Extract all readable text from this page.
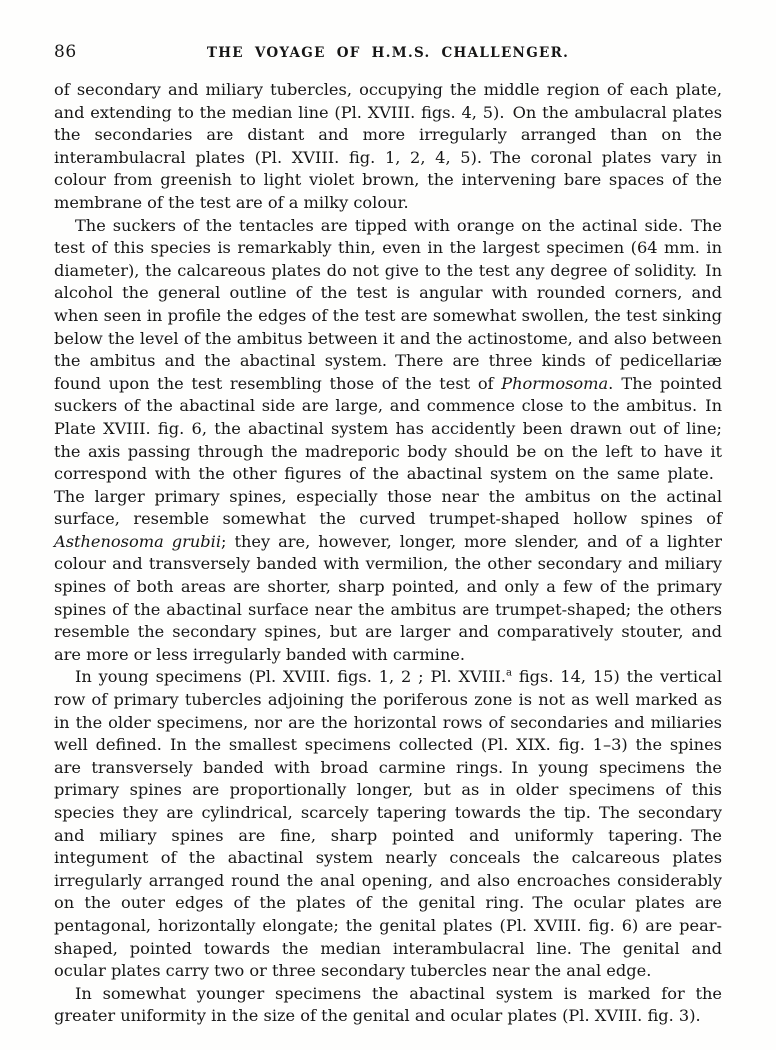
86	THE VOYAGE OF H.M.S. CHALLENGER.

of secondary and miliary tubercles, occupying the middle region of each plate, and extending to the median line (Pl. XVIII. figs. 4, 5). On the ambulacral plates the secondaries are distant and more irregularly arranged than on the interambulacral plates (Pl. XVIII. fig. 1, 2, 4, 5). The coronal plates vary in colour from greenish to light violet brown, the intervening bare spaces of the membrane of the test are of a milky colour.

The suckers of the tentacles are tipped with orange on the actinal side. The test of this species is remarkably thin, even in the largest specimen (64 mm. in diameter), the calcareous plates do not give to the test any degree of solidity. In alcohol the general outline of the test is angular with rounded corners, and when seen in profile the edges of the test are somewhat swollen, the test sinking below the level of the ambitus between it and the actinostome, and also between the ambitus and the abactinal system. There are three kinds of pedicellariæ found upon the test resembling those of the test of Phormosoma. The pointed suckers of the abactinal side are large, and commence close to the ambitus. In Plate XVIII. fig. 6, the abactinal system has accidently been drawn out of line; the axis passing through the madreporic body should be on the left to have it correspond with the other figures of the abactinal system on the same plate. The larger primary spines, especially those near the ambitus on the actinal surface, resemble somewhat the curved trumpet-shaped hollow spines of Asthenosoma grubii; they are, however, longer, more slender, and of a lighter colour and transversely banded with vermilion, the other secondary and miliary spines of both areas are shorter, sharp pointed, and only a few of the primary spines of the abactinal surface near the ambitus are trumpet-shaped; the others resemble the secondary spines, but are larger and comparatively stouter, and are more or less irregularly banded with carmine.

In young specimens (Pl. XVIII. figs. 1, 2 ; Pl. XVIII.$^a$ figs. 14, 15) the vertical row of primary tubercles adjoining the poriferous zone is not as well marked as in the older specimens, nor are the horizontal rows of secondaries and miliaries well defined. In the smallest specimens collected (Pl. XIX. fig. 1–3) the spines are transversely banded with broad carmine rings. In young specimens the primary spines are proportionally longer, but as in older specimens of this species they are cylindrical, scarcely tapering towards the tip. The secondary and miliary spines are fine, sharp pointed and uniformly tapering. The integument of the abactinal system nearly conceals the calcareous plates irregularly arranged round the anal opening, and also encroaches considerably on the outer edges of the plates of the genital ring. The ocular plates are pentagonal, horizontally elongate; the genital plates (Pl. XVIII. fig. 6) are pear-shaped, pointed towards the median interambulacral line. The genital and ocular plates carry two or three secondary tubercles near the anal edge.

In somewhat younger specimens the abactinal system is marked for the greater uniformity in the size of the genital and ocular plates (Pl. XVIII. fig. 3).
